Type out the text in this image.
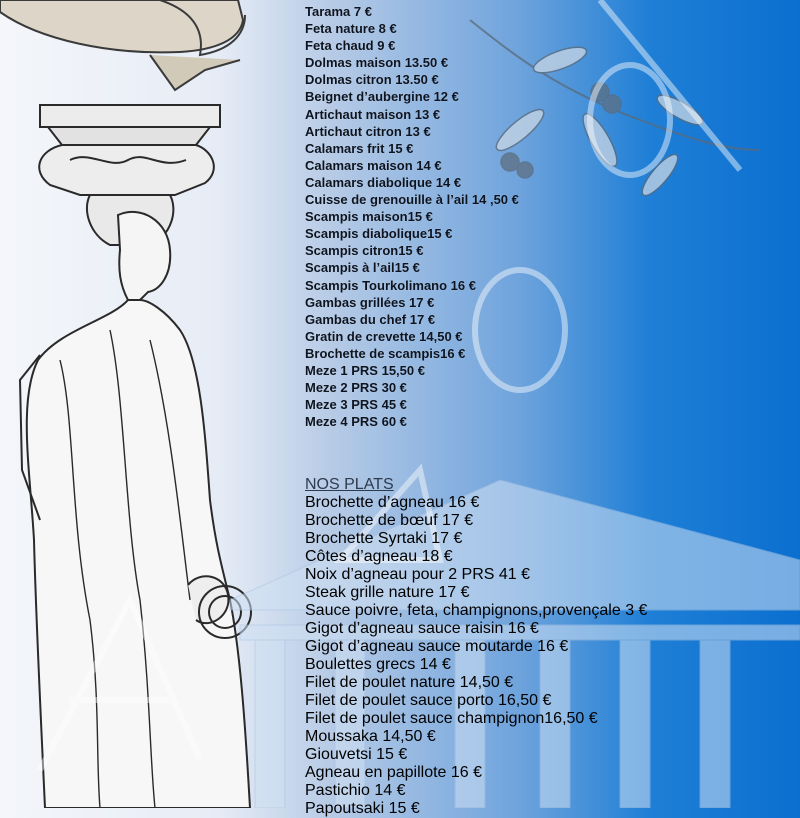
Tarama 7 €
Feta nature 8 €
Feta chaud 9 €
Dolmas maison 13.50 €
Dolmas citron 13.50 €
Beignet d’aubergine 12 €
Artichaut maison 13 €
Artichaut citron 13 €
Calamars frit 15 €
Calamars maison 14 €
Calamars diabolique 14 €
Cuisse de grenouille à l’ail 14 ,50 €
Scampis maison15 €
Scampis diabolique15 €
Scampis citron15 €
Scampis à l’ail15 €
Scampis Tourkolimano 16 €
Gambas grillées 17 €
Gambas du chef 17 €
Gratin de crevette 14,50 €
Brochette de scampis16 €
Meze 1 PRS 15,50 €
Meze 2 PRS 30 €
Meze 3 PRS 45 €
Meze 4 PRS 60 €
NOS PLATS
Brochette d’agneau 16 €
Brochette de bœuf 17 €
Brochette Syrtaki 17 €
Côtes d’agneau 18 €
Noix d’agneau pour 2 PRS 41 €
Steak grille nature 17 €
Sauce poivre, feta, champignons,provençale 3 €
Gigot d’agneau sauce raisin 16 €
Gigot d’agneau sauce moutarde 16 €
Boulettes grecs 14 €
Filet de poulet nature 14,50 €
Filet de poulet sauce porto 16,50 €
Filet de poulet sauce champignon16,50 €
Moussaka 14,50 €
Giouvetsi 15 €
Agneau en papillote 16 €
Pastichio 14 €
Papoutsaki 15 €
